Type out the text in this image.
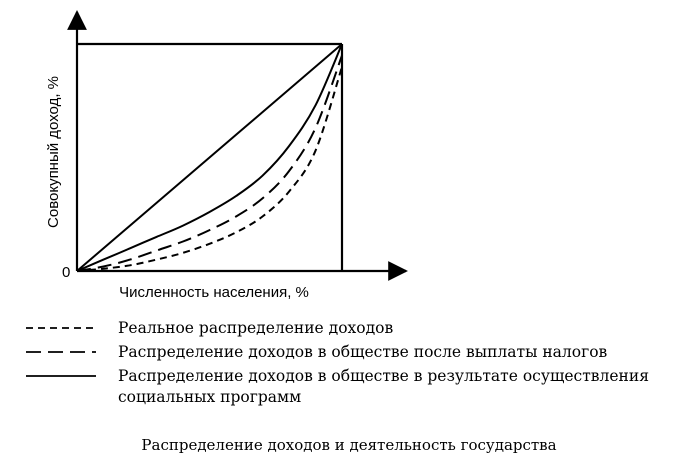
0
Численность населения, %
Совокупный доход, %
Реальное распределение доходов
Распределение доходов в обществе после выплаты налогов
Распределение доходов в обществе в результате осуществления социальных программ
Распределение доходов и деятельность государства
